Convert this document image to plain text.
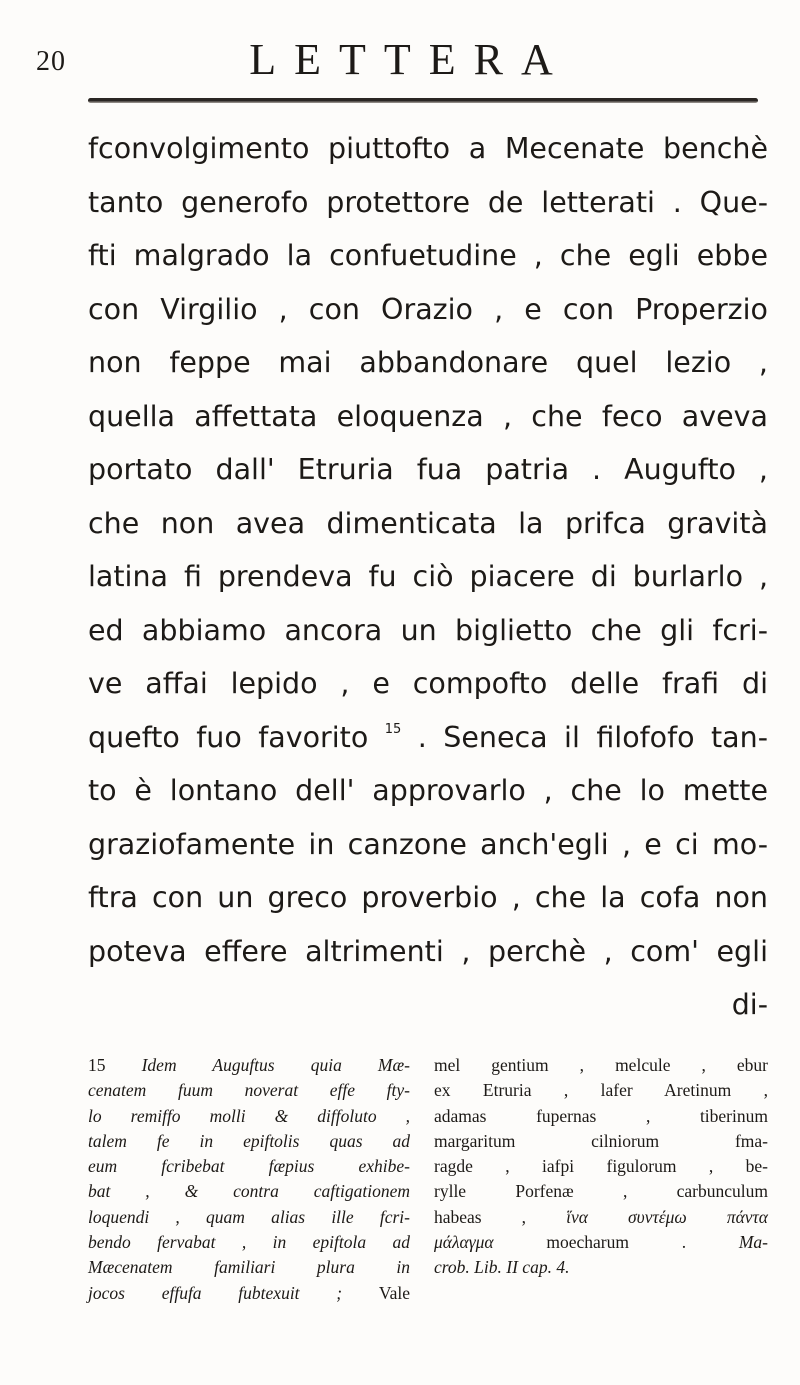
20	LETTERA
fconvolgimento piuttofto a Mecenate benchè
tanto generofo protettore de letterati . Que-
fti malgrado la confuetudine , che egli ebbe
con Virgilio , con Orazio , e con Properzio
non feppe mai abbandonare quel lezio ,
quella affettata eloquenza , che feco aveva
portato dall' Etruria fua patria . Augufto ,
che non avea dimenticata la prifca gravità
latina fi prendeva fu ciò piacere di burlarlo ,
ed abbiamo ancora un biglietto che gli fcri-
ve affai lepido , e compofto delle frafi di
quefto fuo favorito $^{15}$ . Seneca il filofofo tan-
to è lontano dell' approvarlo , che lo mette
graziofamente in canzone anch'egli , e ci mo-
ftra con un greco proverbio , che la cofa non
poteva effere altrimenti , perchè , com' egli
di-
15 Idem Auguftus quia Mæ-
cenatem fuum noverat effe fty-
lo remiffo molli & diffoluto ,
talem fe in epiftolis quas ad
eum fcribebat fæpius exhibe-
bat , & contra caftigationem
loquendi , quam alias ille fcri-
bendo fervabat , in epiftola ad
Mæcenatem familiari plura in
jocos effufa fubtexuit ; Vale
mel gentium , melcule , ebur
ex Etruria , lafer Aretinum ,
adamas fupernas , tiberinum
margaritum cilniorum fma-
ragde , iafpi figulorum , be-
rylle Porfenæ , carbunculum
habeas , ἵνα συντέμω πάντα
μάλαγμα	moecharum .	Ma-
crob. Lib. II cap. 4.
